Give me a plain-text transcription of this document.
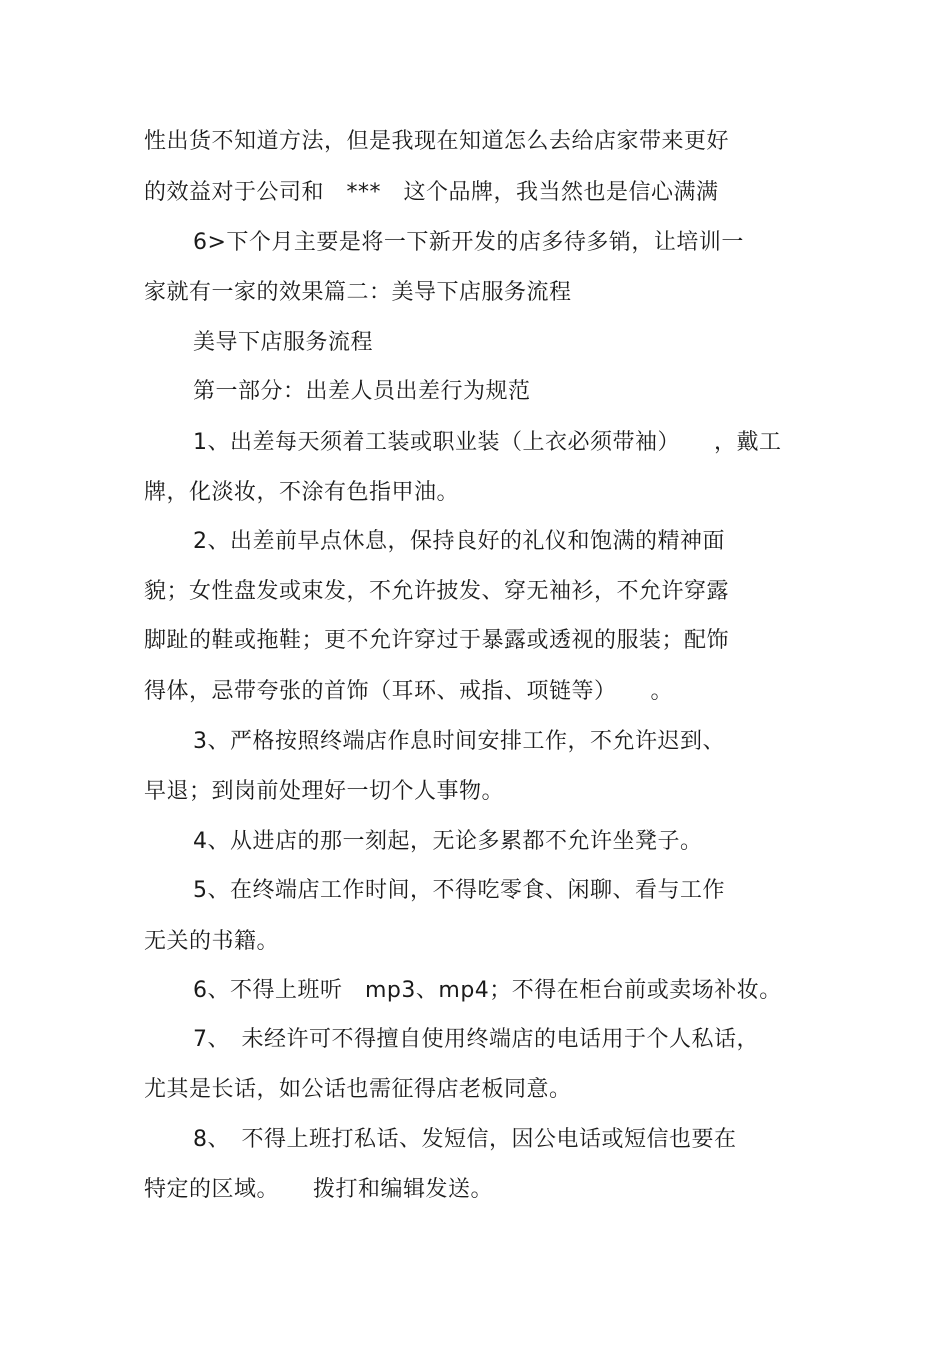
性出货不知道方法，但是我现在知道怎么去给店家带来更好
的效益对于公司和　***　这个品牌，我当然也是信心满满
6>下个月主要是将一下新开发的店多待多销，让培训一
家就有一家的效果篇二：美导下店服务流程
美导下店服务流程
第一部分：出差人员出差行为规范
1、出差每天须着工装或职业装（上衣必须带袖）　　，戴工
牌，化淡妆，不涂有色指甲油。
2、出差前早点休息，保持良好的礼仪和饱满的精神面
貌；女性盘发或束发，不允许披发、穿无袖衫，不允许穿露
脚趾的鞋或拖鞋；更不允许穿过于暴露或透视的服装；配饰
得体，忌带夸张的首饰（耳环、戒指、项链等）　　。
3、严格按照终端店作息时间安排工作，不允许迟到、
早退；到岗前处理好一切个人事物。
4、从进店的那一刻起，无论多累都不允许坐凳子。
5、在终端店工作时间，不得吃零食、闲聊、看与工作
无关的书籍。
6、不得上班听　mp3、mp4；不得在柜台前或卖场补妆。
7、　未经许可不得擅自使用终端店的电话用于个人私话，
尤其是长话，如公话也需征得店老板同意。
8、　不得上班打私话、发短信，因公电话或短信也要在
特定的区域。　　拨打和编辑发送。
